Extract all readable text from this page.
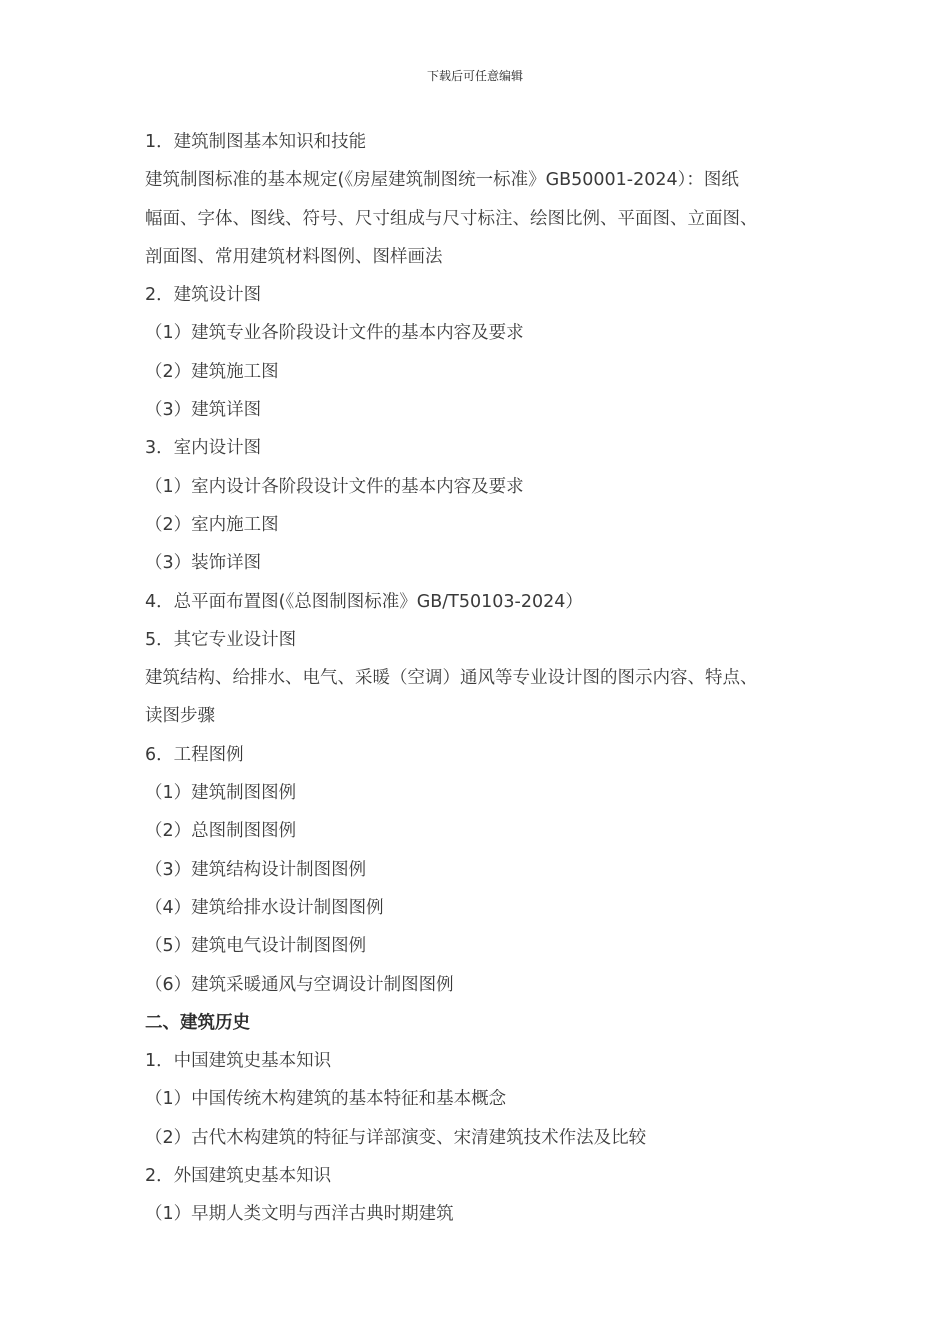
下载后可任意编辑
1．建筑制图基本知识和技能
建筑制图标准的基本规定(《房屋建筑制图统一标准》GB50001-2024）：图纸
幅面、字体、图线、符号、尺寸组成与尺寸标注、绘图比例、平面图、立面图、
剖面图、常用建筑材料图例、图样画法
2．建筑设计图
（1）建筑专业各阶段设计文件的基本内容及要求
（2）建筑施工图
（3）建筑详图
3．室内设计图
（1）室内设计各阶段设计文件的基本内容及要求
（2）室内施工图
（3）装饰详图
4．总平面布置图(《总图制图标准》GB/T50103-2024）
5．其它专业设计图
建筑结构、给排水、电气、采暖（空调）通风等专业设计图的图示内容、特点、
读图步骤
6．工程图例
（1）建筑制图图例
（2）总图制图图例
（3）建筑结构设计制图图例
（4）建筑给排水设计制图图例
（5）建筑电气设计制图图例
（6）建筑采暖通风与空调设计制图图例
二、建筑历史
1．中国建筑史基本知识
（1）中国传统木构建筑的基本特征和基本概念
（2）古代木构建筑的特征与详部演变、宋清建筑技术作法及比较
2．外国建筑史基本知识
（1）早期人类文明与西洋古典时期建筑
